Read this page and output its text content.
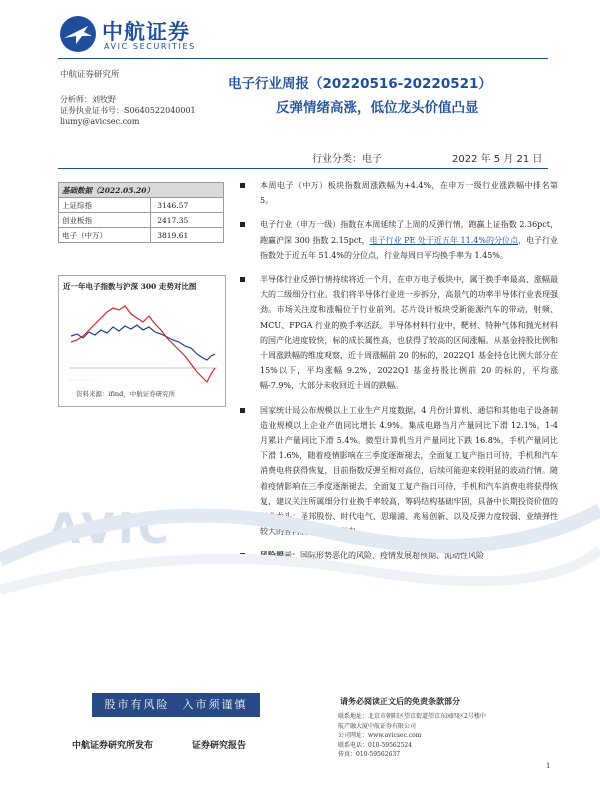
中航证券
AVIC SECURITIES
中航证券研究所
分析师：刘牧野
证券执业证书号：S0640522040001
liumy@avicsec.com
电子行业周报（20220516-20220521）
反弹情绪高涨，低位龙头价值凸显
行业分类：电子	2022 年 5 月 21 日
基础数据（2022.05.20）	
上证综指	3146.57
创业板指	2417.35
电子（中万）	3819.61
近一年电子指数与沪深 300 走势对比图
· · · · · · · · · · · · ·
资料来源：ifind，中航证券研究所
本周电子（中万）板块指数周涨跌幅为+4.4%，在申万一级行业涨跌幅中排名第 5。
电子行业（申万一级）指数在本周延续了上周的反弹行情，跑赢上证指数 2.36pct，跑赢沪深 300 指数 2.15pct，电子行业 PE 处于近五年 11.4%的分位点，电子行业指数处于近五年 51.4%的分位点，行业每周日平均换手率为 1.45%。
半导体行业反弹行情持续将近一个月，在申万电子板块中，属于换手率最高、涨幅最大的二级细分行业。我们将半导体行业进一步拆分，高景气的功率半导体行业表现强劲。市场关注度和涨幅位于行业前列。芯片设计板块受新能源汽车的带动，射频、MCU、FPGA 行业的换手率活跃。半导体材料行业中，靶材、特种气体和抛光材料的国产化进度较快，标的成长属性高，也获得了较高的区间涨幅。从基金持股比例和十周涨跌幅的维度观察，近十周涨幅前 20 的标的，2022Q1 基金持仓比例大部分在 15%以下，平均涨幅 9.2%，2022Q1 基金持股比例前 20 的标的，平均涨幅-7.9%，大部分未收回近十周的跌幅。
国家统计局公布规模以上工业生产月度数据，4 月份计算机、通信和其他电子设备制造业规模以上企业产值同比增长 4.9%。集成电路当月产量同比下滑 12.1%，1-4 月累计产量同比下滑 5.4%。微型计算机当月产量同比下跌 16.8%，手机产量同比下滑 1.6%，随着疫情影响在三季度逐渐褪去，全面复工复产指日可待，手机和汽车消费电将获得恢复，目前指数反弹至相对高位，后续可能迎来较明显的波动行情。随着疫情影响在三季度逐渐褪去，全面复工复产指日可待，手机和汽车消费电将获得恢复，建议关注所属细分行业换手率较高，筹码结构基础牢固，具备中长期投资价值的行业龙头：圣邦股份、时代电气、思瑞浦、兆易创新、以及反弹力度较弱、业绩弹性较大的普冉股份、捷捷微电。
风险提示：国际形势恶化的风险、疫情发展超预期、流动性风险
AVIC
股市有风险　入市须谨慎
中航证券研究所发布	证券研究报告
请务必阅读正文后的免责条款部分
联系地址：北京市朝阳区望京街道望京东园四区2号楼中
航产融大厦中航证券有限公司
公司网址：www.avicsec.com
联系电话：010-59562524
传真：010-59562637
1
